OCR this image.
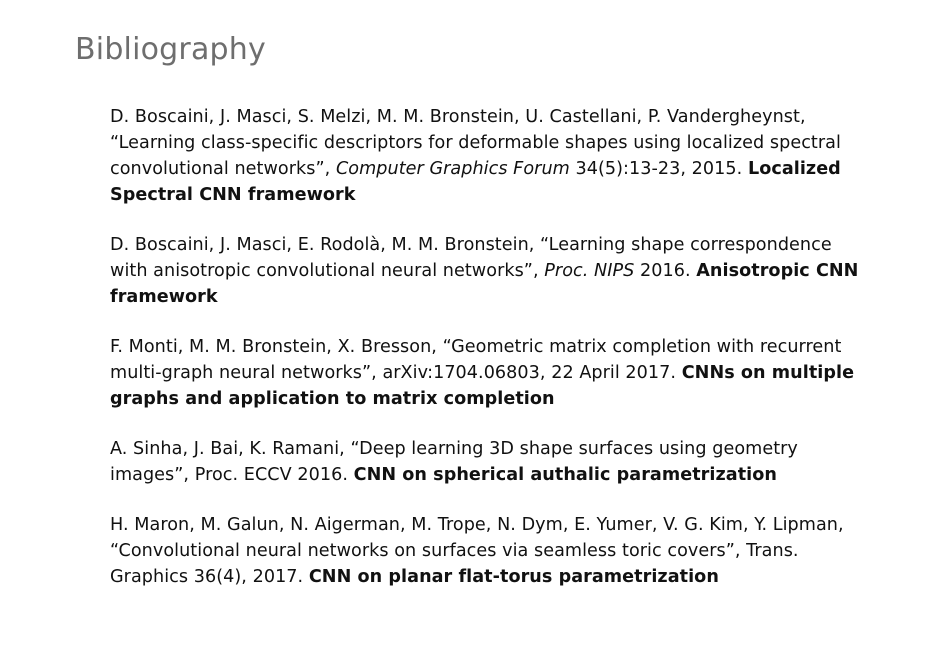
Bibliography
D. Boscaini, J. Masci, S. Melzi, M. M. Bronstein, U. Castellani, P. Vandergheynst, “Learning class-specific descriptors for deformable shapes using localized spectral convolutional networks”, Computer Graphics Forum 34(5):13-23, 2015. Localized Spectral CNN framework
D. Boscaini, J. Masci, E. Rodolà, M. M. Bronstein, “Learning shape correspondence with anisotropic convolutional neural networks”, Proc. NIPS 2016. Anisotropic CNN framework
F. Monti, M. M. Bronstein, X. Bresson, “Geometric matrix completion with recurrent multi-graph neural networks”, arXiv:1704.06803, 22 April 2017. CNNs on multiple graphs and application to matrix completion
A. Sinha, J. Bai, K. Ramani, “Deep learning 3D shape surfaces using geometry images”, Proc. ECCV 2016. CNN on spherical authalic parametrization
H. Maron, M. Galun, N. Aigerman, M. Trope, N. Dym, E. Yumer, V. G. Kim, Y. Lipman, “Convolutional neural networks on surfaces via seamless toric covers”, Trans. Graphics 36(4), 2017. CNN on planar flat-torus parametrization
